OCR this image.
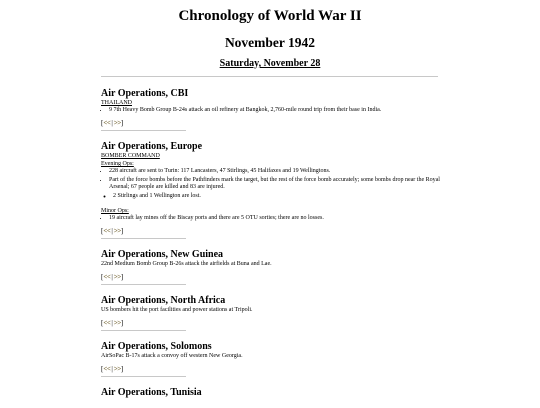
Chronology of World War II
November 1942
Saturday, November 28
Air Operations, CBI
THAILAND
• 9 7th Heavy Bomb Group B-24s attack an oil refinery at Bangkok, 2,760-mile round trip from their base in India.
[<<|>>]
Air Operations, Europe
BOMBER COMMAND
Evening Ops:
• 228 aircraft are sent to Turin: 117 Lancasters, 47 Stirlings, 45 Halifaxes and 19 Wellingtons.
• Part of the force bombs before the Pathfinders mark the target, but the rest of the force bomb accurately; some bombs drop near the Royal Arsenal; 67 people are killed and 83 are injured.
◦ 2 Stirlings and 1 Wellington are lost.
Minor Ops:
• 19 aircraft lay mines off the Biscay ports and there are 5 OTU sorties; there are no losses.
[<<|>>]
Air Operations, New Guinea
22nd Medium Bomb Group B-26s attack the airfields at Buna and Lae.
[<<|>>]
Air Operations, North Africa
US bombers hit the port facilities and power stations at Tripoli.
[<<|>>]
Air Operations, Solomons
AirSoPac B-17s attack a convoy off western New Georgia.
[<<|>>]
Air Operations, Tunisia
